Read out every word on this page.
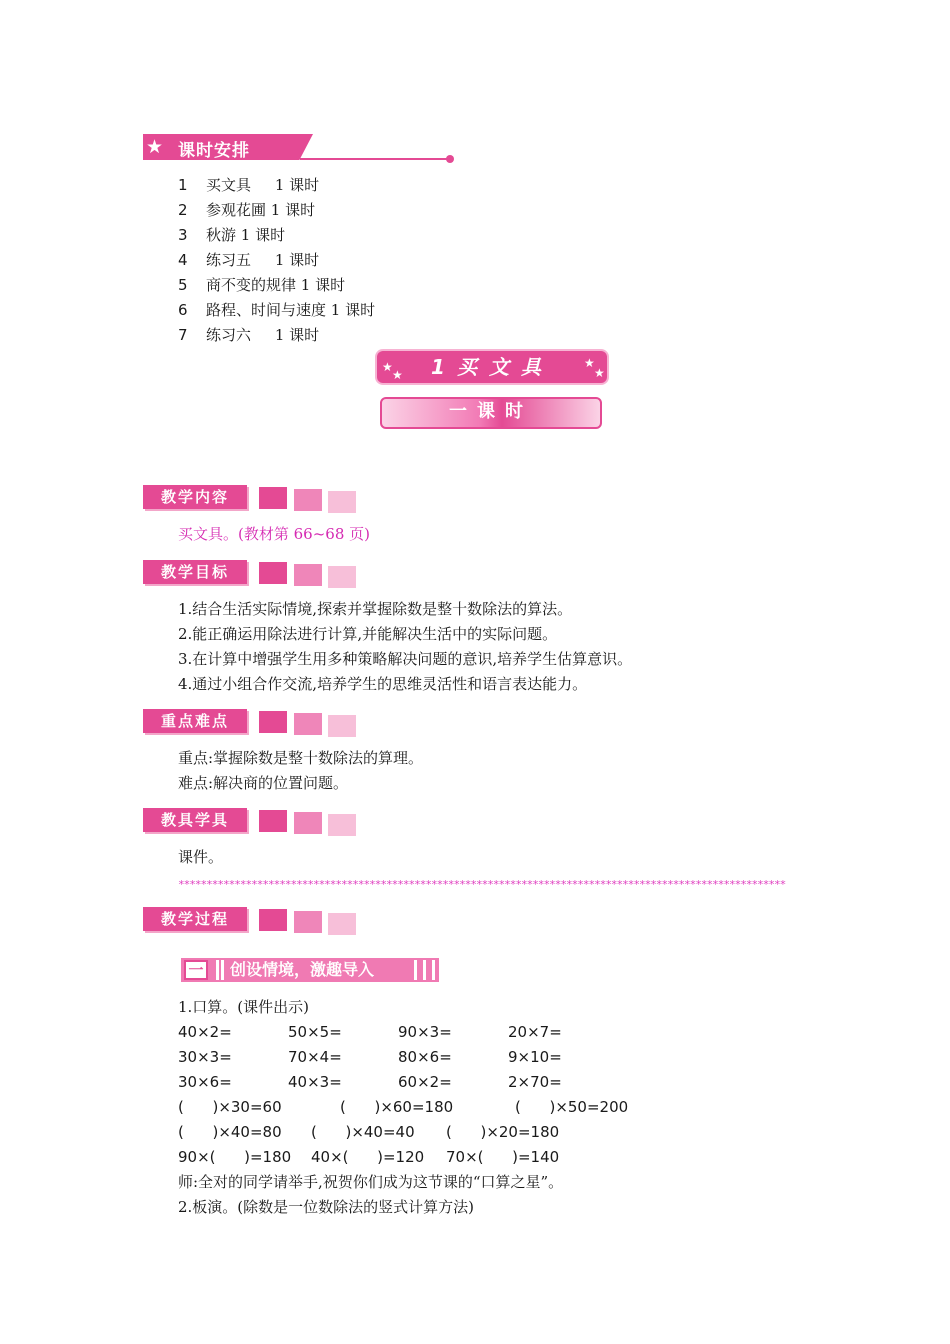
★ 课时安排
1 买文具     1 课时
2 参观花圃 1 课时
3 秋游 1 课时
4 练习五     1 课时
5 商不变的规律 1 课时
6 路程、时间与速度 1 课时
7 练习六     1 课时
★
★
★
★
1买文具
一课时
教学内容
买文具。(教材第 66~68 页)
教学目标
1.结合生活实际情境,探索并掌握除数是整十数除法的算法。
2.能正确运用除法进行计算,并能解决生活中的实际问题。
3.在计算中增强学生用多种策略解决问题的意识,培养学生估算意识。
4.通过小组合作交流,培养学生的思维灵活性和语言表达能力。
重点难点
重点:掌握除数是整十数除法的算理。
难点:解决商的位置问题。
教具学具
课件。
************************************************************************************************************
教学过程
一 创设情境，激趣导入
1.口算。(课件出示)
40×2=	50×5=	90×3=	20×7=
30×3=	70×4=	80×6=	9×10=
30×6=	40×3=	60×2=	2×70=
(      )×30=60	(      )×60=180	(      )×50=200
(      )×40=80 (      )×40=40 (      )×20=180
90×(      )=180 40×(      )=120 70×(      )=140
师:全对的同学请举手,祝贺你们成为这节课的“口算之星”。
2.板演。(除数是一位数除法的竖式计算方法)
